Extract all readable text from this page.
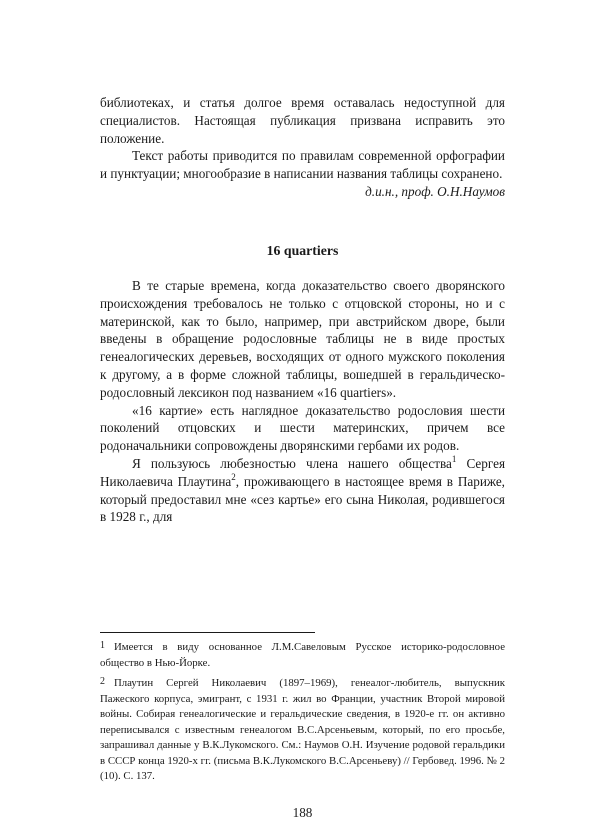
библиотеках, и статья долгое время оставалась недоступной для специалистов. Настоящая публикация призвана исправить это положение.

Текст работы приводится по правилам современной орфографии и пунктуации; многообразие в написании названия таблицы сохранено.

д.и.н., проф. О.Н.Наумов
16 quartiers

В те старые времена, когда доказательство своего дворянского происхождения требовалось не только с отцовской стороны, но и с материнской, как то было, например, при австрийском дворе, были введены в обращение родословные таблицы не в виде простых генеалогических деревьев, восходящих от одного мужского поколения к другому, а в форме сложной таблицы, вошедшей в геральдическо-родословный лексикон под названием «16 quartiers».

«16 картие» есть наглядное доказательство родословия шести поколений отцовских и шести материнских, причем все родоначальники сопровождены дворянскими гербами их родов.

Я пользуюсь любезностью члена нашего общества$^1$ Сергея Николаевича Плаутина$^2$, проживающего в настоящее время в Париже, который предоставил мне «сез картье» его сына Николая, родившегося в 1928 г., для

1 Имеется в виду основанное Л.М.Савеловым Русское историко-родословное общество в Нью-Йорке.
2 Плаутин Сергей Николаевич (1897–1969), генеалог-любитель, выпускник Пажеского корпуса, эмигрант, с 1931 г. жил во Франции, участник Второй мировой войны. Собирая генеалогические и геральдические сведения, в 1920-е гг. он активно переписывался с известным генеалогом В.С.Арсеньевым, который, по его просьбе, запрашивал данные у В.К.Лукомского. См.: Наумов О.Н. Изучение родовой геральдики в СССР конца 1920-х гг. (письма В.К.Лукомского В.С.Арсеньеву) // Гербовед. 1996. № 2 (10). С. 137.
188
